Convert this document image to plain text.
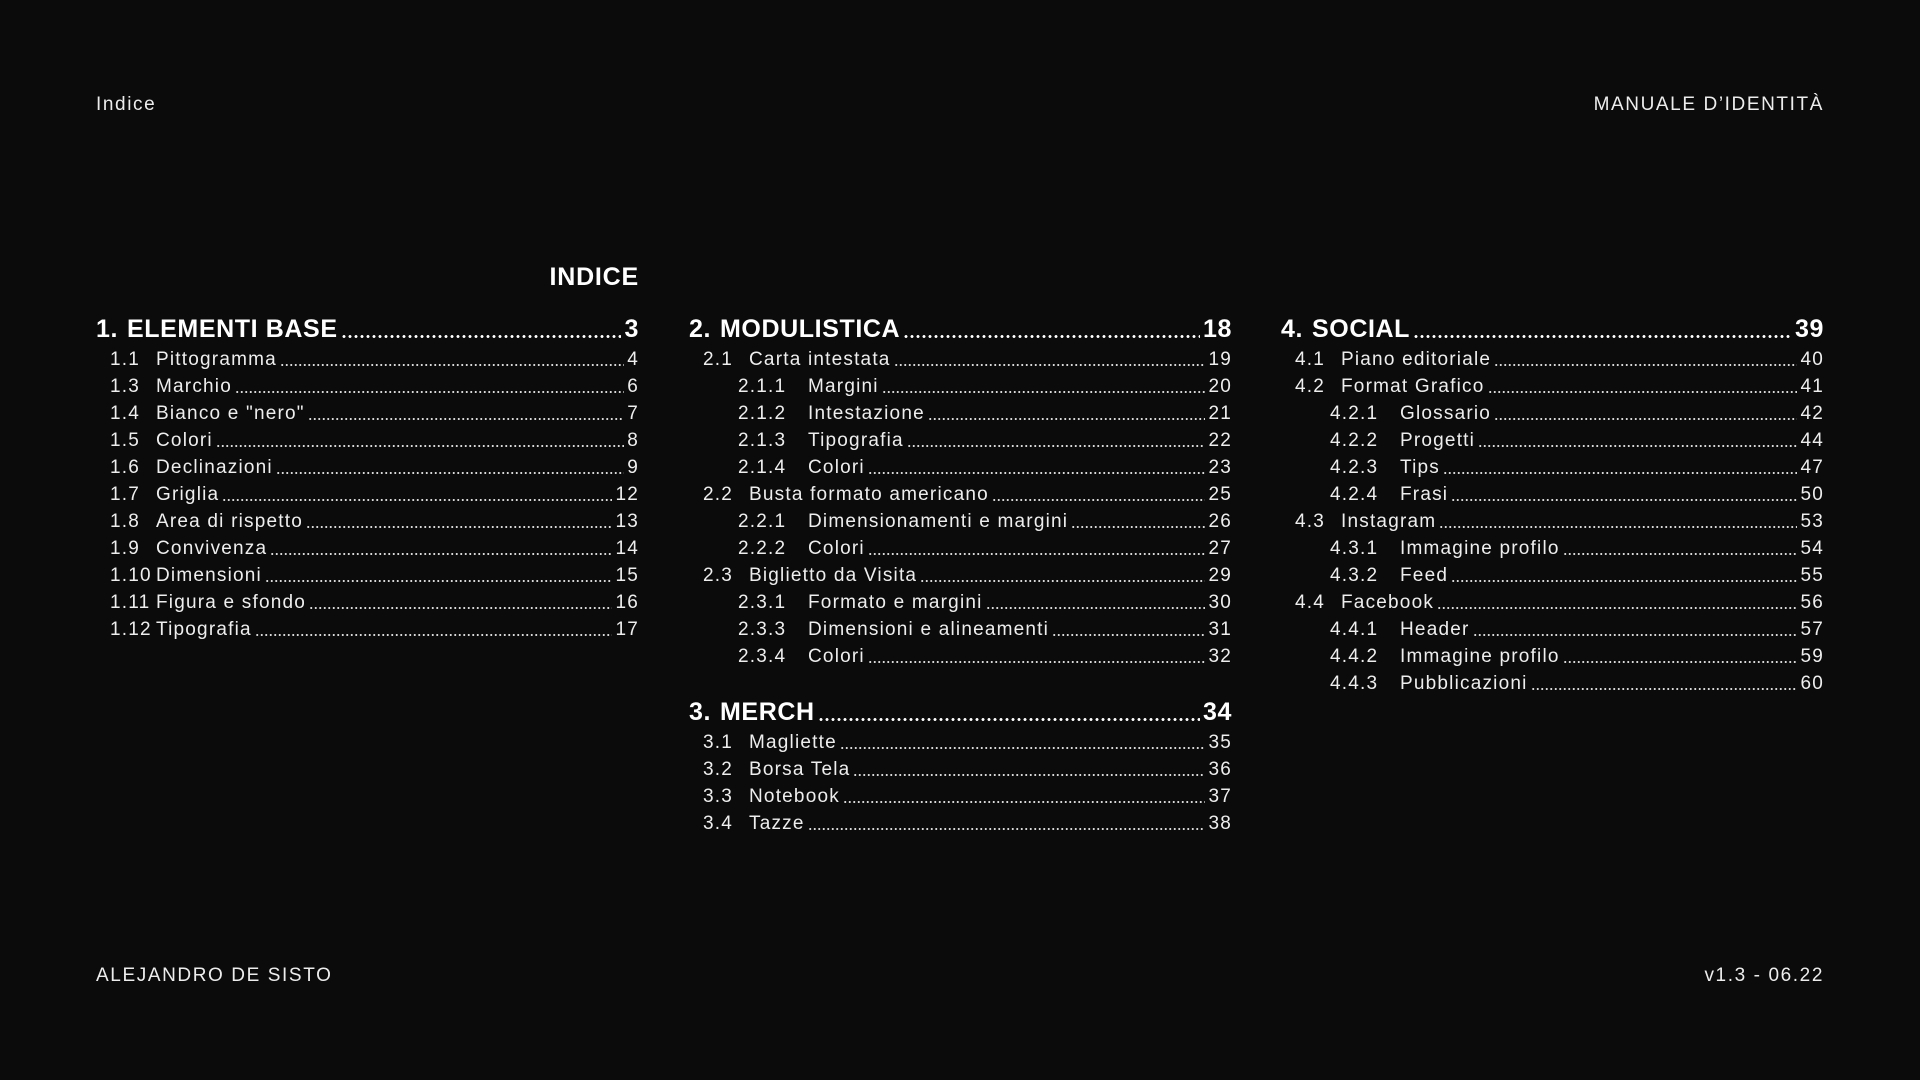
Indice	MANUALE D’IDENTITÀ
ALEJANDRO DE SISTO	v1.3 - 06.22
INDICE
1. ELEMENTI BASE	3
1.1 Pittogramma	4
1.3 Marchio	6
1.4 Bianco e "nero"	7
1.5 Colori	8
1.6 Declinazioni	9
1.7 Griglia	12
1.8 Area di rispetto	13
1.9 Convivenza	14
1.10 Dimensioni	15
1.11 Figura e sfondo	16
1.12 Tipografia	17
2. MODULISTICA	18
2.1 Carta intestata	19
2.1.1	Margini	20
2.1.2	Intestazione	21
2.1.3	Tipografia	22
2.1.4	Colori	23
2.2 Busta formato americano	25
2.2.1	Dimensionamenti e margini	26
2.2.2	Colori	27
2.3 Biglietto da Visita	29
2.3.1	Formato e margini	30
2.3.3	Dimensioni e alineamenti	31
2.3.4	Colori	32
3. MERCH	34
3.1 Magliette	35
3.2 Borsa Tela	36
3.3 Notebook	37
3.4 Tazze	38
4. SOCIAL	39
4.1 Piano editoriale	40
4.2 Format Grafico	41
4.2.1	Glossario	42
4.2.2	Progetti	44
4.2.3	Tips	47
4.2.4	Frasi	50
4.3 Instagram	53
4.3.1	Immagine profilo	54
4.3.2	Feed	55
4.4 Facebook	56
4.4.1	Header	57
4.4.2	Immagine profilo	59
4.4.3	Pubblicazioni	60
